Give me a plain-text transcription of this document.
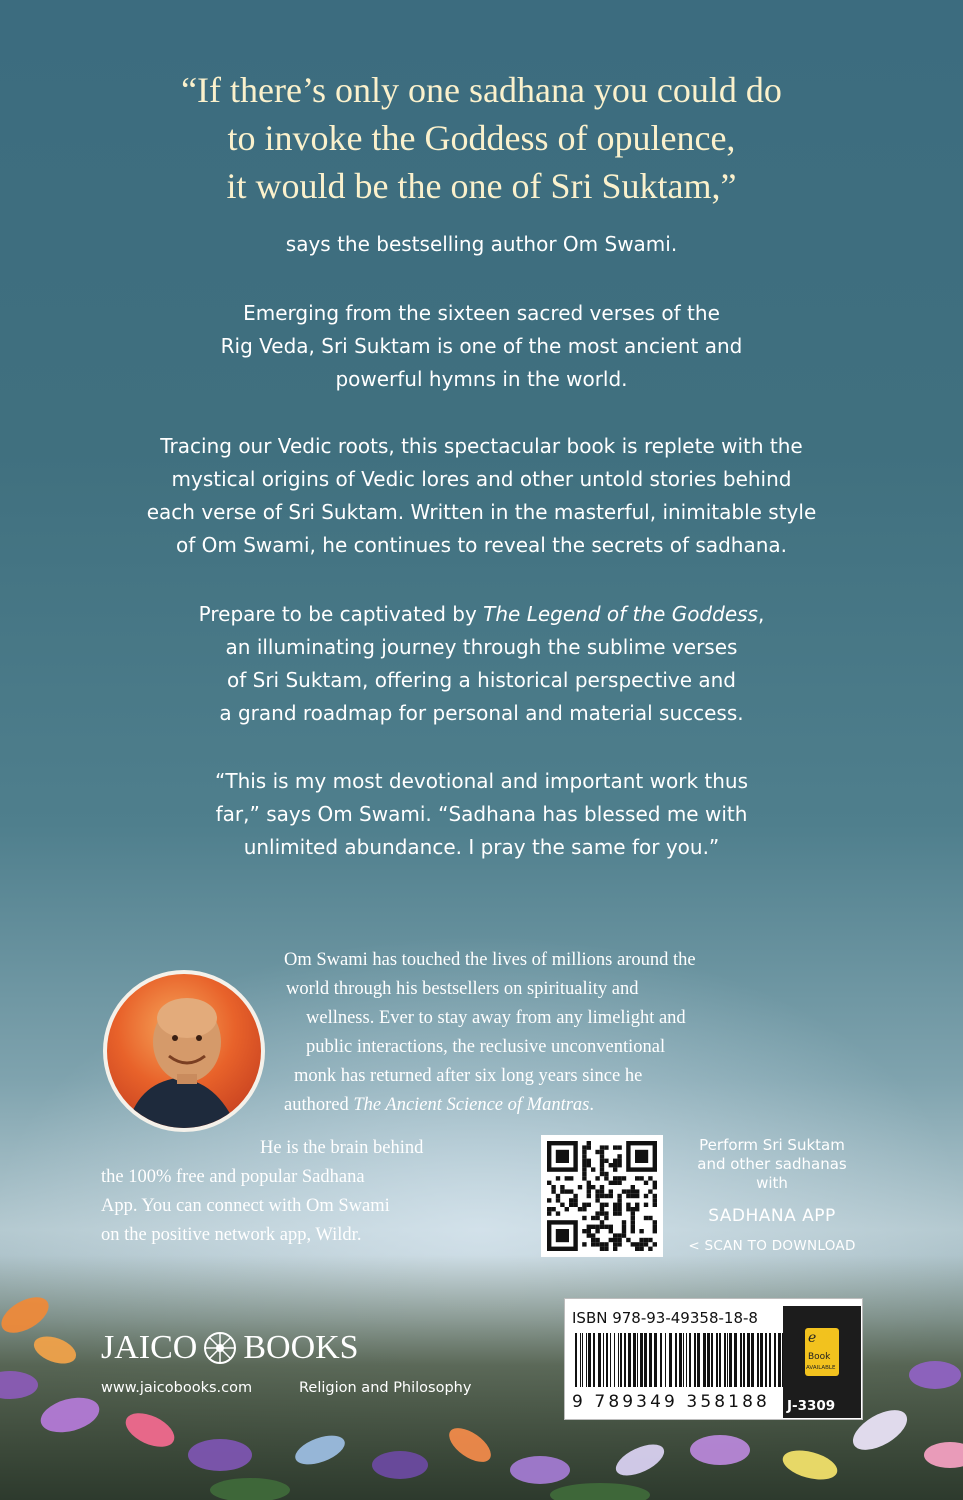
“If there’s only one sadhana you could do
to invoke the Goddess of opulence,
it would be the one of Sri Suktam,”

says the bestselling author Om Swami.

Emerging from the sixteen sacred verses of the
Rig Veda, Sri Suktam is one of the most ancient and
powerful hymns in the world.

Tracing our Vedic roots, this spectacular book is replete with the
mystical origins of Vedic lores and other untold stories behind
each verse of Sri Suktam. Written in the masterful, inimitable style
of Om Swami, he continues to reveal the secrets of sadhana.

Prepare to be captivated by The Legend of the Goddess,
an illuminating journey through the sublime verses
of Sri Suktam, offering a historical perspective and
a grand roadmap for personal and material success.

“This is my most devotional and important work thus
far,” says Om Swami. “Sadhana has blessed me with
unlimited abundance. I pray the same for you.”

Om Swami has touched the lives of millions around the
world through his bestsellers on spirituality and
wellness. Ever to stay away from any limelight and
public interactions, the reclusive unconventional
monk has returned after six long years since he
authored The Ancient Science of Mantras.

He is the brain behind
the 100% free and popular Sadhana
App. You can connect with Om Swami
on the positive network app, Wildr.

Perform Sri Suktam
and other sadhanas
with

SADHANA APP

< SCAN TO DOWNLOAD

JAICO BOOKS
www.jaicobooks.com	Religion and Philosophy
ISBN 978-93-49358-18-8
9 789349 358188
e
Book
AVAILABLE
J-3309
